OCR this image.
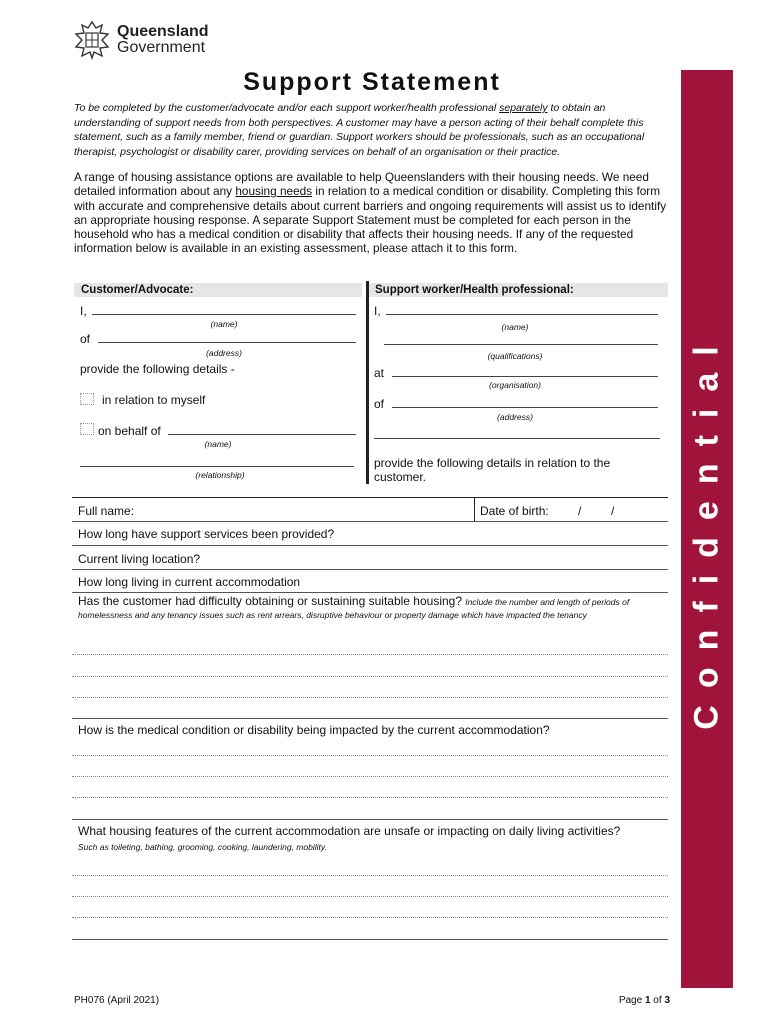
Queensland
Government
Confidential
Support Statement
To be completed by the customer/advocate and/or each support worker/health professional separately to obtain an understanding of support needs from both perspectives. A customer may have a person acting of their behalf complete this statement, such as a family member, friend or guardian. Support workers should be professionals, such as an occupational therapist, psychologist or disability carer, providing services on behalf of an organisation or their practice.
A range of housing assistance options are available to help Queenslanders with their housing needs. We need detailed information about any housing needs in relation to a medical condition or disability. Completing this form with accurate and comprehensive details about current barriers and ongoing requirements will assist us to identify an appropriate housing response. A separate Support Statement must be completed for each person in the household who has a medical condition or disability that affects their housing needs. If any of the requested information below is available in an existing assessment, please attach it to this form.
Customer/Advocate:	Support worker/Health professional:
I,
(name)
of
(address)
provide the following details -
in relation to myself
on behalf of
(name)
(relationship)
I,
(name)
(qualifications)
at
(organisation)
of
(address)
provide the following details in relation to the customer.
Full name:	Date of birth: / /
How long have support services been provided?
Current living location?
How long living in current accommodation
Has the customer had difficulty obtaining or sustaining suitable housing? Include the number and length of periods of homelessness and any tenancy issues such as rent arrears, disruptive behaviour or property damage which have impacted the tenancy
How is the medical condition or disability being impacted by the current accommodation?
What housing features of the current accommodation are unsafe or impacting on daily living activities?
Such as toileting, bathing, grooming, cooking, laundering, mobility.
PH076 (April 2021)	Page 1 of 3
